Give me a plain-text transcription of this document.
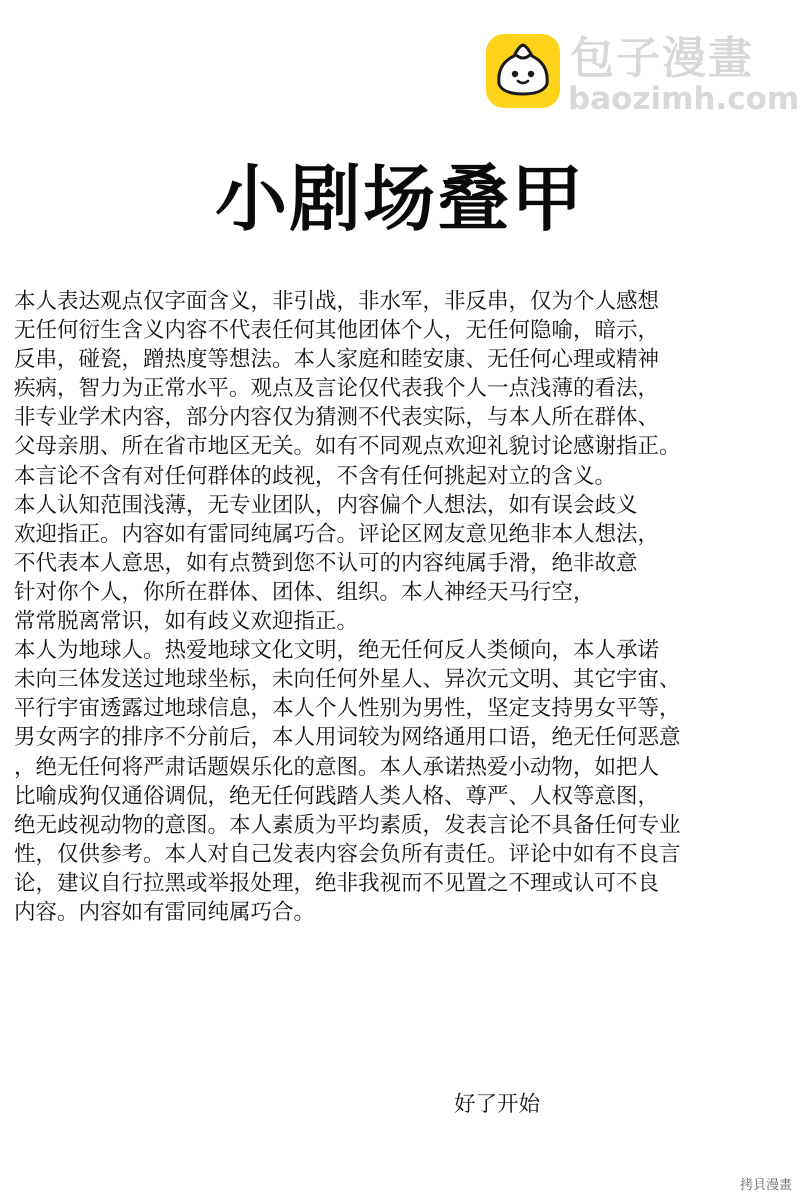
包子漫畫
baozimh.com
小剧场叠甲
本人表达观点仅字面含义，非引战，非水军，非反串，仅为个人感想
无任何衍生含义内容不代表任何其他团体个人，无任何隐喻，暗示，
反串，碰瓷，蹭热度等想法。本人家庭和睦安康、无任何心理或精神
疾病，智力为正常水平。观点及言论仅代表我个人一点浅薄的看法，
非专业学术内容，部分内容仅为猜测不代表实际，与本人所在群体、
父母亲朋、所在省市地区无关。如有不同观点欢迎礼貌讨论感谢指正。
本言论不含有对任何群体的歧视，不含有任何挑起对立的含义。
本人认知范围浅薄，无专业团队，内容偏个人想法，如有误会歧义
欢迎指正。内容如有雷同纯属巧合。评论区网友意见绝非本人想法，
不代表本人意思，如有点赞到您不认可的内容纯属手滑，绝非故意
针对你个人，你所在群体、团体、组织。本人神经天马行空，
常常脱离常识，如有歧义欢迎指正。
本人为地球人。热爱地球文化文明，绝无任何反人类倾向，本人承诺
未向三体发送过地球坐标，未向任何外星人、异次元文明、其它宇宙、
平行宇宙透露过地球信息，本人个人性别为男性，坚定支持男女平等，
男女两字的排序不分前后，本人用词较为网络通用口语，绝无任何恶意
，绝无任何将严肃话题娱乐化的意图。本人承诺热爱小动物，如把人
比喻成狗仅通俗调侃，绝无任何践踏人类人格、尊严、人权等意图，
绝无歧视动物的意图。本人素质为平均素质，发表言论不具备任何专业
性，仅供参考。本人对自己发表内容会负所有责任。评论中如有不良言
论，建议自行拉黑或举报处理，绝非我视而不见置之不理或认可不良
内容。内容如有雷同纯属巧合。
好了开始
拷貝漫畫
